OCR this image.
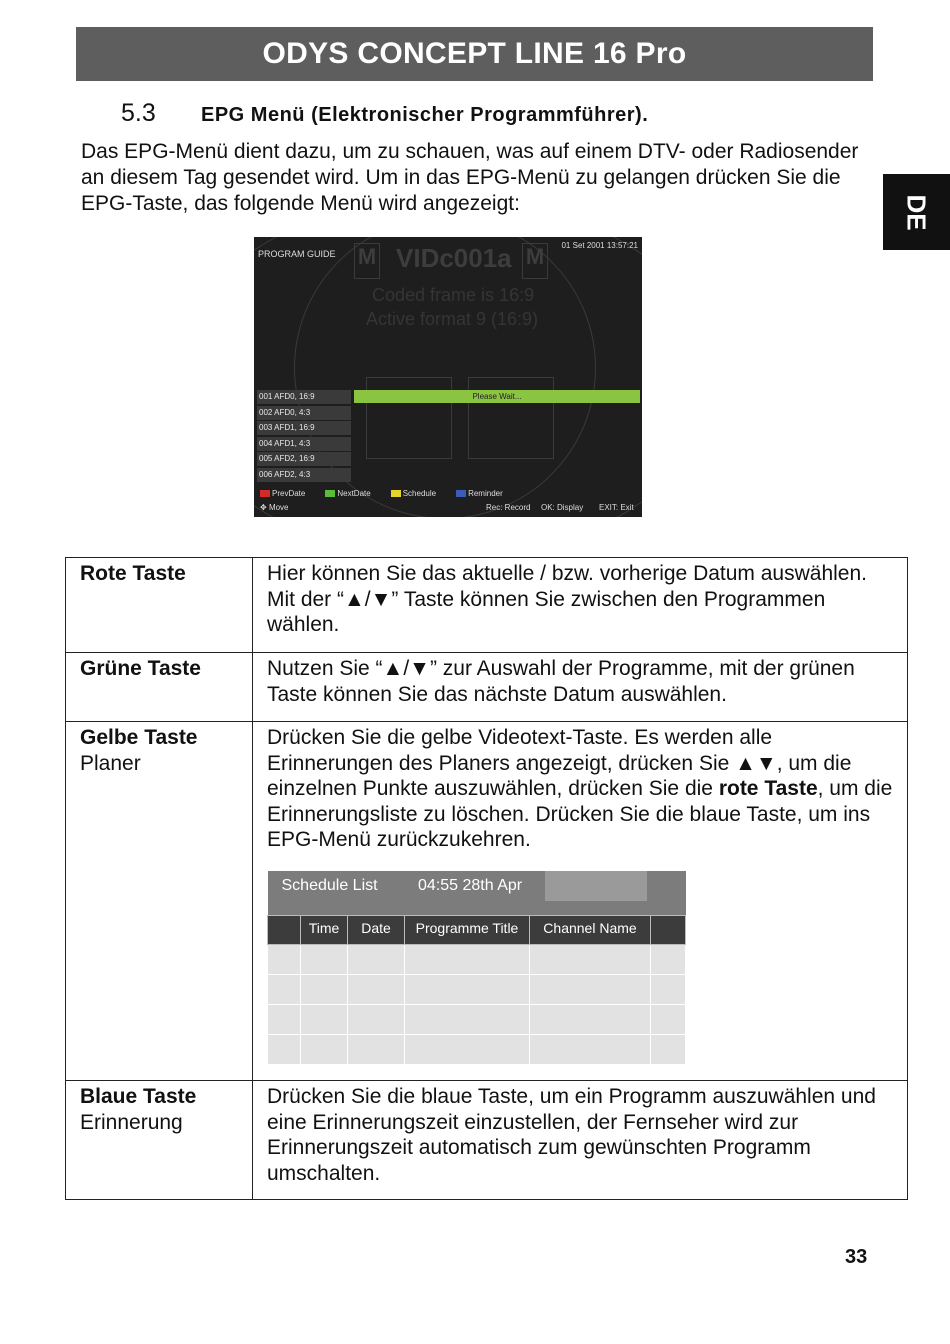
ODYS CONCEPT LINE 16 Pro
5.3	EPG Menü (Elektronischer Programmführer).
Das EPG-Menü dient dazu, um zu schauen, was auf einem DTV- oder Radiosender an diesem Tag gesendet wird. Um in das EPG-Menü zu gelangen drücken Sie die EPG-Taste, das folgende Menü wird angezeigt:	DE
M	M
VIDc001a
Coded frame is 16:9
Active format 9 (16:9)
PROGRAM GUIDE
01 Set 2001 13:57:21
001 AFD0, 16:9
002 AFD0, 4:3
003 AFD1, 16:9
004 AFD1, 4:3
005 AFD2, 16:9
006 AFD2, 4:3
Please Wait...
PrevDate	NextDate	Schedule	Reminder
✥ Move	Rec: Record OK: Display EXIT: Exit
Rote Taste	Hier können Sie das aktuelle / bzw. vorherige Datum auswählen. Mit der “▲/▼” Taste können Sie zwischen den Programmen wählen.
Grüne Taste	Nutzen Sie “▲/▼” zur Auswahl der Programme, mit der grünen Taste können Sie das nächste Datum auswählen.
Gelbe Taste
Planer	Drücken Sie die gelbe Videotext-Taste. Es werden alle Erinnerungen des Planers angezeigt, drücken Sie ▲▼, um die einzelnen Punkte auszuwählen, drücken Sie die rote Taste, um die Erinnerungsliste zu löschen. Drücken Sie die blaue Taste, um ins EPG-Menü zurückzukehren.
Schedule List	04:55 28th Apr
	Time	Date	Programme Title	Channel Name	

Blaue Taste
Erinnerung	Drücken Sie die blaue Taste, um ein Programm auszuwählen und eine Erinnerungszeit einzustellen, der Fernseher wird zur Erinnerungszeit automatisch zum gewünschten Programm umschalten.
33
